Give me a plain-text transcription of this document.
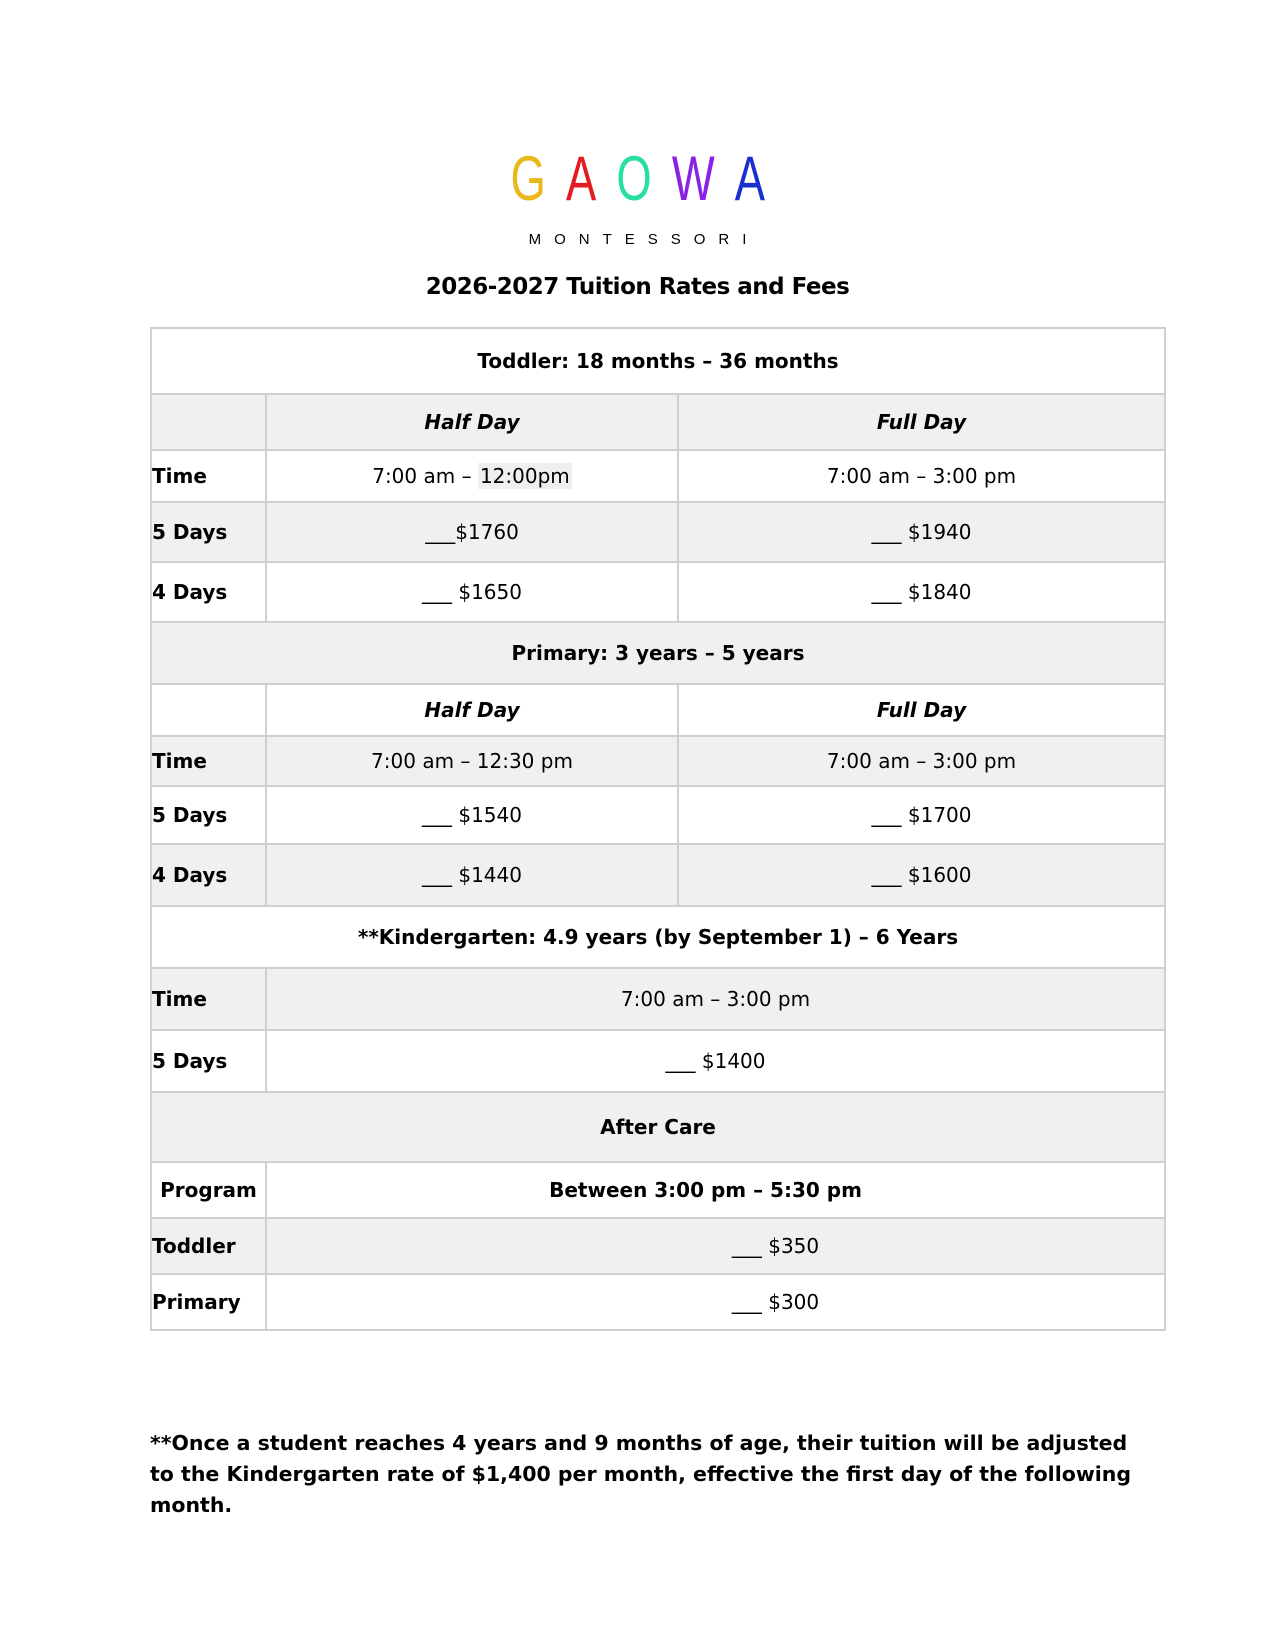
G A O W A
MONTESSORI
2026-2027 Tuition Rates and Fees
Toddler: 18 months – 36 months		
	Half Day	Full Day
Time	7:00 am – 12:00pm	7:00 am – 3:00 pm
5 Days	___$1760	___ $1940
4 Days	___ $1650	___ $1840
Primary: 3 years – 5 years		
	Half Day	Full Day
Time	7:00 am – 12:30 pm	7:00 am – 3:00 pm
5 Days	___ $1540	___ $1700
4 Days	___ $1440	___ $1600
**Kindergarten: 4.9 years (by September 1) – 6 Years		
Time	7:00 am – 3:00 pm	
5 Days	___ $1400	
After Care		
Program	Between 3:00 pm – 5:30 pm	
Toddler	___ $350	
Primary	___ $300	
**Once a student reaches 4 years and 9 months of age, their tuition will be adjusted to the Kindergarten rate of $1,400 per month, effective the first day of the following month.
